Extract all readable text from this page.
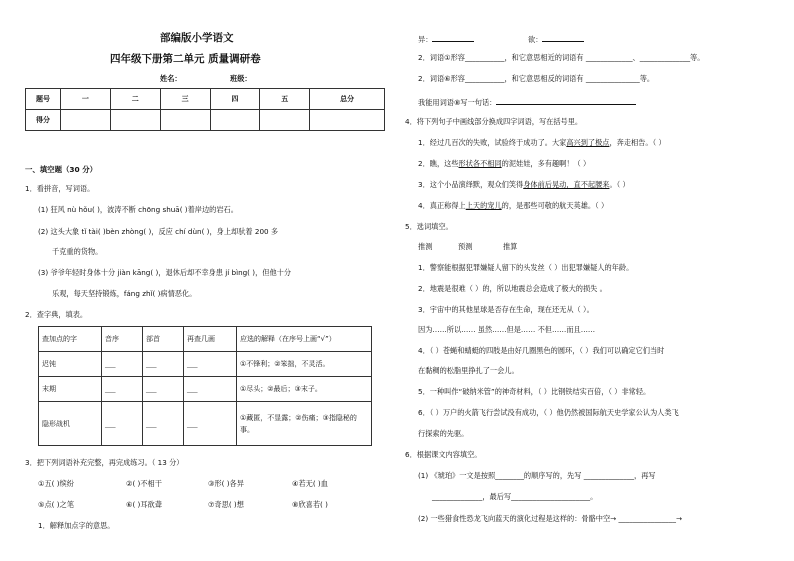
部编版小学语文
四年级下册第二单元 质量调研卷
姓名：	班级：
题号	一	二	三	四	五	总分
得分						
一、填空题（30 分）
1．看拼音，写词语。
(1) 狂风 nù hǒu( )，波涛不断 chōng shuā( )着岸边的岩石。
(2) 这头大象 tǐ tài( )bèn zhòng( )，反应 chí dùn( )，身上却驮着 200 多
千克重的货物。
(3) 爷爷年轻时身体十分 jiàn kāng( )，退休后却不幸身患 jí bìng( )，但他十分
乐观，每天坚持锻炼，fáng zhǐ( )病情恶化。
2．查字典，填表。
查加点的字	音序	部首	再查几画	应选的解释（在序号上画“√”）
迟钝	___	___	___	①不锋利；②笨拙，不灵活。
末期	___	___	___	①尽头；②最后；③末子。
隐形战机	___	___	___	①藏匿，不显露；②伤痛；③指隐秘的事。
3．把下列词语补充完整，再完成练习。（ 13 分）
①五( )缤纷	②( )不相干	③形( )各异	④若无( )血
⑤点( )之笔	⑥( )耳欲聋	⑦奇思( )想	⑧欣喜若( )
1．解释加点字的意思。
异：	欲：
2．词语①形容___________，和它意思相近的词语有 _____________、______________等。
2．词语⑥形容___________，和它意思相反的词语有 _______________等。
我能用词语⑧写一句话：
4．将下列句子中画线部分换成四字词语，写在括号里。
1．经过几百次的失败，试验终于成功了。大家高兴到了极点，奔走相告。（ ）
2．瞧，这些形状各不相同的泥娃娃，多有趣啊！（ ）
3．这个小品演绎默，观众们笑得身体前后晃动，直不起腰来。（ ）
4．真正称得上上天的宠儿的，是那些可敬的航天英雄。（ ）
5．选词填空。
推测	预测	推算
1．警察能根据犯罪嫌疑人留下的头发丝（ ）出犯罪嫌疑人的年龄。
2．地震是很难（ ）的，所以地震总会造成了极大的损失 。
3．宇宙中的其他星球是否存在生命，现在还无从（ ）。
因为……所以…… 虽然……但是…… 不但……而且……
4．（ ）苍蝇和蜻蜓的四肢是由好几圈黑色的圆环，（ ）我们可以确定它们当时
在黏稠的松脂里挣扎了一会儿。
5．一种叫作“破纳米管”的神奇材料，（ ）比钢铁结实百倍，（ ）非常轻。
6．（ ）万户的火箭飞行尝试没有成功，（ ）他仍然被国际航天史学家公认为人类飞
行探索的先驱。
6．根据课文内容填空。
(1) 《琥珀》一文是按照________的顺序写的，先写 ______________，再写
______________，最后写______________________。
(2) 一些猎食性恐龙飞向蓝天的演化过程是这样的：骨骼中空→ ________________→
